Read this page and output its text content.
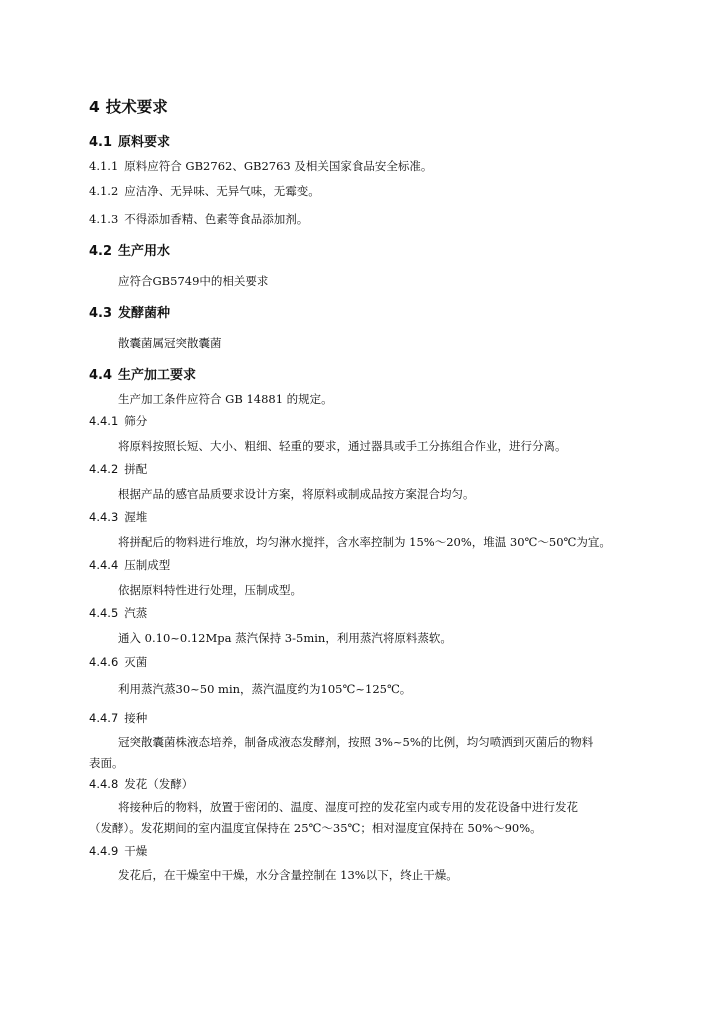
4 技术要求
4.1 原料要求
4.1.1 原料应符合 GB2762、GB2763 及相关国家食品安全标准。
4.1.2 应洁净、无异味、无异气味，无霉变。
4.1.3 不得添加香精、色素等食品添加剂。
4.2 生产用水
应符合GB5749中的相关要求
4.3 发酵菌种
散囊菌属冠突散囊菌
4.4 生产加工要求
生产加工条件应符合 GB 14881 的规定。
4.4.1 筛分
将原料按照长短、大小、粗细、轻重的要求，通过器具或手工分拣组合作业，进行分离。
4.4.2 拼配
根据产品的感官品质要求设计方案，将原料或制成品按方案混合均匀。
4.4.3 渥堆
将拼配后的物料进行堆放，均匀淋水搅拌，含水率控制为 15%～20%，堆温 30℃～50℃为宜。
4.4.4 压制成型
依据原料特性进行处理，压制成型。
4.4.5 汽蒸
通入 0.10~0.12Mpa 蒸汽保持 3-5min，利用蒸汽将原料蒸软。
4.4.6 灭菌
利用蒸汽蒸30~50 min，蒸汽温度约为105℃~125℃。
4.4.7 接种
冠突散囊菌株液态培养，制备成液态发酵剂，按照 3%~5%的比例，均匀喷洒到灭菌后的物料
表面。
4.4.8 发花（发酵）
将接种后的物料，放置于密闭的、温度、湿度可控的发花室内或专用的发花设备中进行发花
（发酵）。发花期间的室内温度宜保持在 25℃～35℃；相对湿度宜保持在 50%～90%。
4.4.9 干燥
发花后，在干燥室中干燥，水分含量控制在 13%以下，终止干燥。
